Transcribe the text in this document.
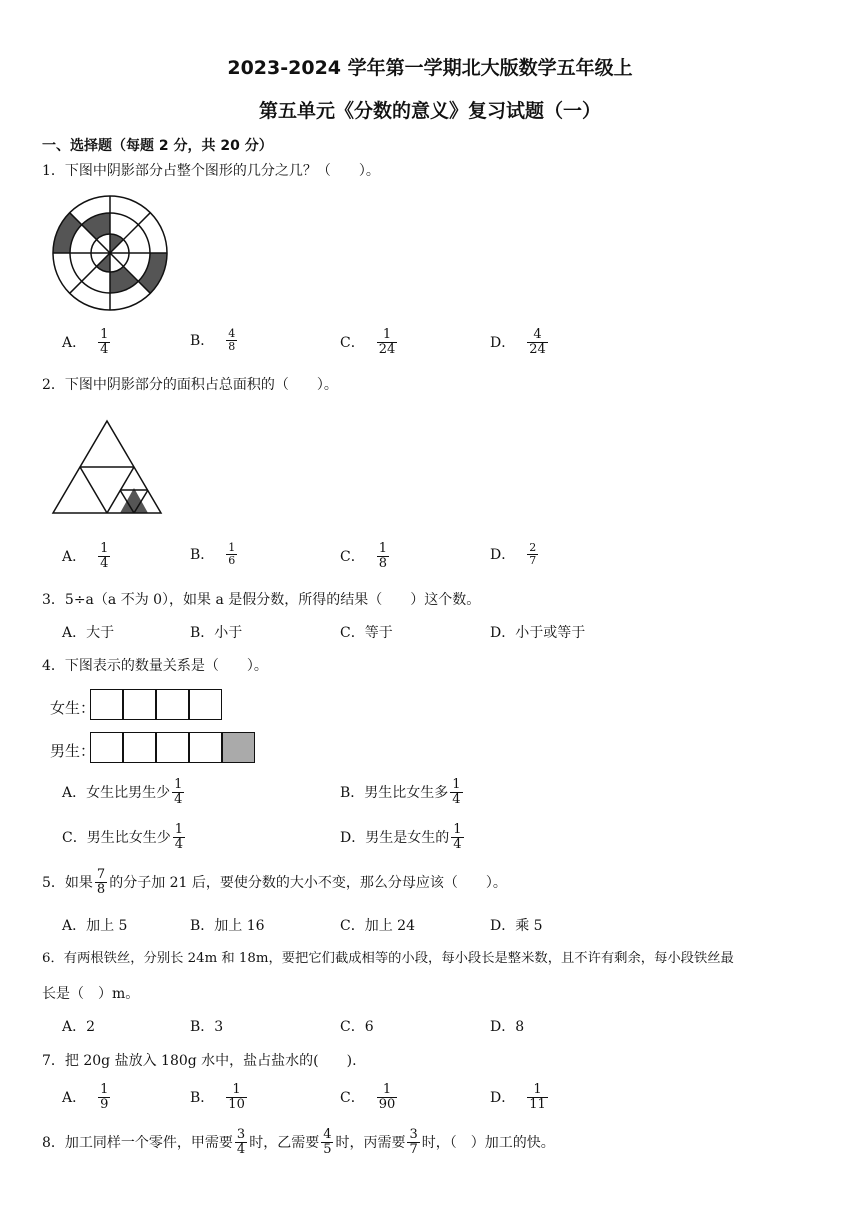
2023-2024 学年第一学期北大版数学五年级上
第五单元《分数的意义》复习试题（一）
一、选择题（每题 2 分，共 20 分）
1．下图中阴影部分占整个图形的几分之几？（　　）。
A． $\frac{1}{4}$	B． $\frac{4}{8}$	C． $\frac{1}{24}$	D． $\frac{4}{24}$
2．下图中阴影部分的面积占总面积的（　　）。
A． $\frac{1}{4}$	B． $\frac{1}{6}$	C． $\frac{1}{8}$	D． $\frac{2}{7}$
3．5÷a（a 不为 0），如果 a 是假分数，所得的结果（　　）这个数。
A．大于	B．小于	C．等于	D．小于或等于
4．下图表示的数量关系是（　　）。
女生：
男生：
A．女生比男生少 $\frac{1}{4}$	B．男生比女生多 $\frac{1}{4}$
C．男生比女生少 $\frac{1}{4}$	D．男生是女生的 $\frac{1}{4}$
5．如果 $\frac{7}{8}$ 的分子加 21 后，要使分数的大小不变，那么分母应该（　　）。
A．加上 5	B．加上 16	C．加上 24	D．乘 5
6．有两根铁丝，分别长 24m 和 18m，要把它们截成相等的小段，每小段长是整米数，且不许有剩余，每小段铁丝最
长是（　）m。
A．2	B．3	C．6	D．8
7．把 20g 盐放入 180g 水中，盐占盐水的(　　).
A． $\frac{1}{9}$	B． $\frac{1}{10}$	C． $\frac{1}{90}$	D． $\frac{1}{11}$
8．加工同样一个零件，甲需要 $\frac{3}{4}$ 时，乙需要 $\frac{4}{5}$ 时，丙需要 $\frac{3}{7}$ 时，（　）加工的快。
